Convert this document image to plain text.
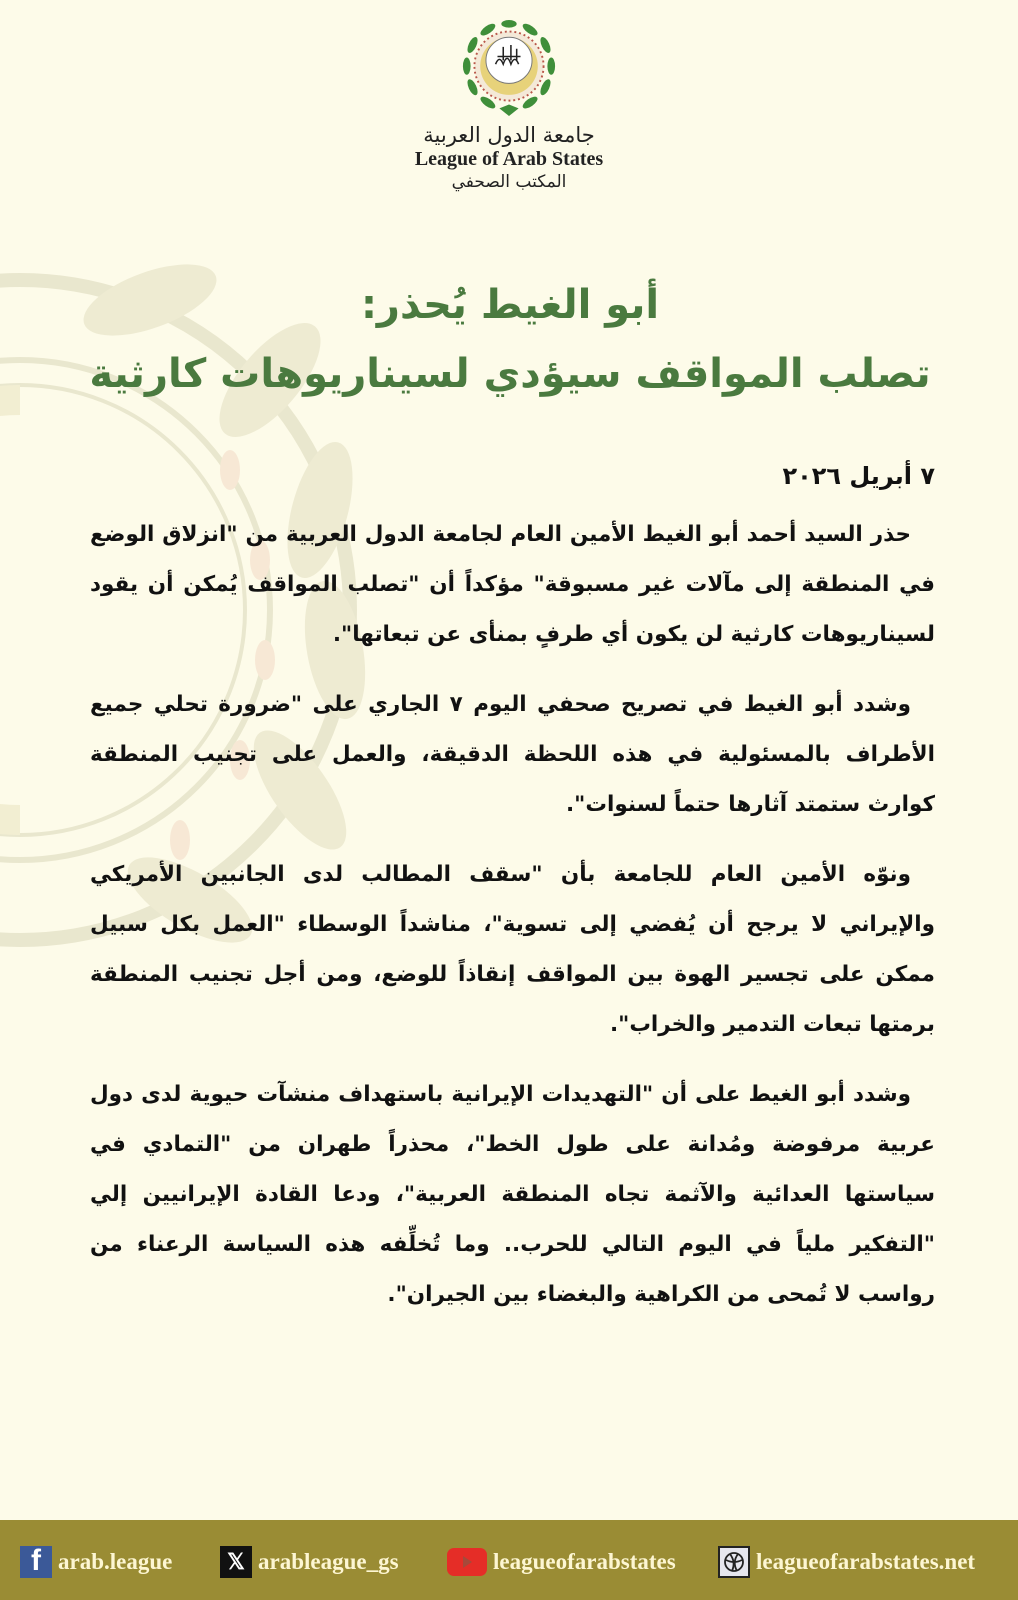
جامعة الدول العربية
League of Arab States
المكتب الصحفي
أبو الغيط يُحذر:
تصلب المواقف سيؤدي لسيناريوهات كارثية
٧ أبريل ٢٠٢٦

حذر السيد أحمد أبو الغيط الأمين العام لجامعة الدول العربية من "انزلاق الوضع في المنطقة إلى مآلات غير مسبوقة" مؤكداً أن "تصلب المواقف يُمكن أن يقود لسيناريوهات كارثية لن يكون أي طرفٍ بمنأى عن تبعاتها".

وشدد أبو الغيط في تصريح صحفي اليوم ٧ الجاري على "ضرورة تحلي جميع الأطراف بالمسئولية في هذه اللحظة الدقيقة، والعمل على تجنيب المنطقة كوارث ستمتد آثارها حتماً لسنوات".

ونوّه الأمين العام للجامعة بأن "سقف المطالب لدى الجانبين الأمريكي والإيراني لا يرجح أن يُفضي إلى تسوية"، مناشداً الوسطاء "العمل بكل سبيل ممكن على تجسير الهوة بين المواقف إنقاذاً للوضع، ومن أجل تجنيب المنطقة برمتها تبعات التدمير والخراب".

وشدد أبو الغيط على أن "التهديدات الإيرانية باستهداف منشآت حيوية لدى دول عربية مرفوضة ومُدانة على طول الخط"، محذراً طهران من "التمادي في سياستها العدائية والآثمة تجاه المنطقة العربية"، ودعا القادة الإيرانيين إلي "التفكير ملياً في اليوم التالي للحرب.. وما تُخلِّفه هذه السياسة الرعناء من رواسب لا تُمحى من الكراهية والبغضاء بين الجيران".

f arab.league	𝕏 arableague_gs	leagueofarabstates	leagueofarabstates.net
